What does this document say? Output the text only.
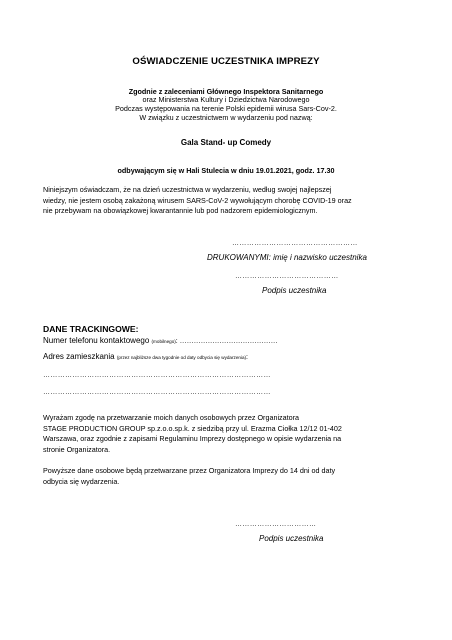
OŚWIADCZENIE UCZESTNIKA IMPREZY
Zgodnie z zaleceniami Głównego Inspektora Sanitarnego
oraz Ministerstwa Kultury i Dziedzictwa Narodowego
Podczas występowania na terenie Polski epidemii wirusa Sars-Cov-2.
W związku z uczestnictwem w wydarzeniu pod nazwą:
Gala Stand- up Comedy
odbywającym się w Hali Stulecia w dniu 19.01.2021, godz. 17.30
Niniejszym oświadczam, że na dzień uczestnictwa w wydarzeniu, według swojej najlepszej
wiedzy, nie jestem osobą zakażoną wirusem SARS-CoV-2 wywołującym chorobę COVID-19 oraz
nie przebywam na obowiązkowej kwarantannie lub pod nadzorem epidemiologicznym.
……………………………………………
DRUKOWANYMI: imię i nazwisko uczestnika
……………………………………
Podpis uczestnika
DANE TRACKINGOWE:
Numer telefonu kontaktowego (mobilnego): ……………………………………
Adres zamieszkania (przez najbliższe dwa tygodnie od daty odbycia się wydarzenia):
…………………………………………………………………………………
…………………………………………………………………………………
Wyrażam zgodę na przetwarzanie moich danych osobowych przez Organizatora
STAGE PRODUCTION GROUP sp.z.o.o.sp.k. z siedzibą przy ul. Erazma Ciołka 12/12 01-402
Warszawa, oraz zgodnie z zapisami Regulaminu Imprezy dostępnego w opisie wydarzenia na
stronie Organizatora.
Powyższe dane osobowe będą przetwarzane przez Organizatora Imprezy do 14 dni od daty
odbycia się wydarzenia.
……………………………
Podpis uczestnika
